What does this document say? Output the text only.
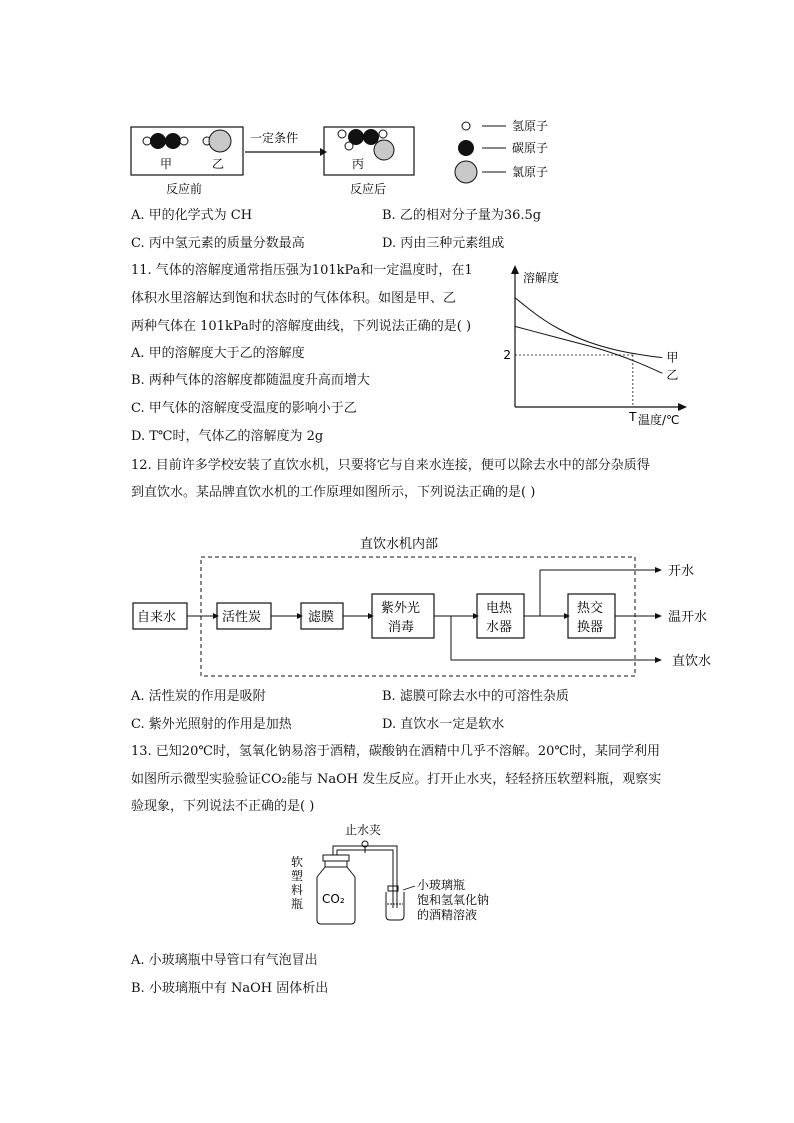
甲	乙
反应前
一定条件
丙
反应后
氢原子
碳原子
氯原子
A. 甲的化学式为 CH	B. 乙的相对分子量为36.5g
C. 丙中氢元素的质量分数最高	D. 丙由三种元素组成
11. 气体的溶解度通常指压强为101kPa和一定温度时，在1
体积水里溶解达到饱和状态时的气体体积。如图是甲、乙
两种气体在 101kPa时的溶解度曲线，下列说法正确的是( )
A. 甲的溶解度大于乙的溶解度
B. 两种气体的溶解度都随温度升高而增大
C. 甲气体的溶解度受温度的影响小于乙
D. T℃时，气体乙的溶解度为 2g
溶解度
温度/℃
2
T
甲
乙
12. 目前许多学校安装了直饮水机，只要将它与自来水连接，便可以除去水中的部分杂质得
到直饮水。某品牌直饮水机的工作原理如图所示，下列说法正确的是( )
直饮水机内部
自来水	活性炭	滤膜
紫外光
消毒
电热
水器
热交
换器
开水
温开水
直饮水
A. 活性炭的作用是吸附	B. 滤膜可除去水中的可溶性杂质
C. 紫外光照射的作用是加热	D. 直饮水一定是软水
13. 已知20℃时，氢氧化钠易溶于酒精，碳酸钠在酒精中几乎不溶解。20℃时，某同学利用
如图所示微型实验验证CO₂能与 NaOH 发生反应。打开止水夹，轻轻挤压软塑料瓶，观察实
验现象，下列说法不正确的是( )
止水夹
软
塑
料
瓶 CO₂
小玻璃瓶
饱和氢氧化钠
的酒精溶液
A. 小玻璃瓶中导管口有气泡冒出
B. 小玻璃瓶中有 NaOH 固体析出
